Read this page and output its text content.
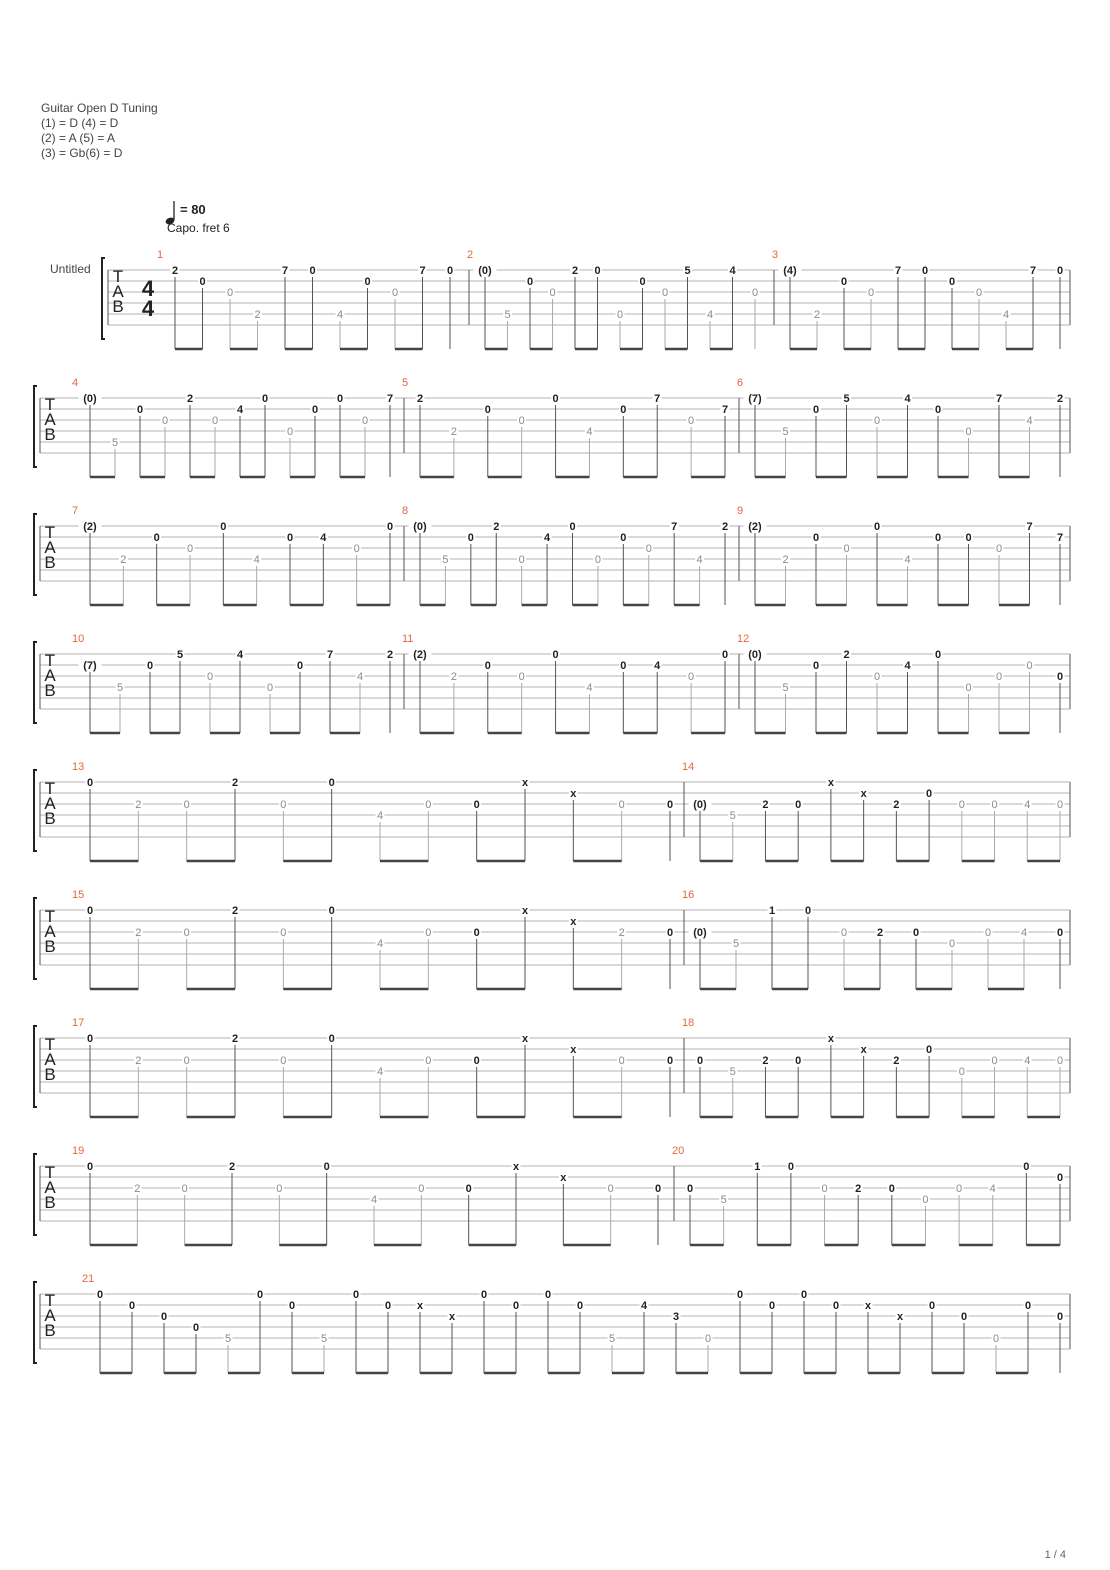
Guitar Open D Tuning
(1) = D (4) = D
(2) = A (5) = A
(3) = Gb(6) = D
= 80
Capo. fret 6
Untitled T
A
B
4
4
1
2
0
0
2
7 0
4
0
0
7 0
2
(0)
5
0
0
2 0
0
0
0
5
4
4
0
3
(4)
2
0
0
7 0
0
0
4
7 0
T
A
B
4
(0)
5
0
0
2
0
4
0
0
0
0
0
7
5
2
2
0
0
0
4
0
7
0
7
6
(7)
5
0
5
0
4
0
0
7
4
2
T
A
B
7
(2)
2
0
0
0
4
0 4
0
0
8
(0)
5
0
2
0
4
0
0
0
0
7
4
2
9
(2)
2
0
0
0
4
0 0
0
7
7
T
A
B
10
(7)
5
0
5
0
4
0
0
7
4
2
11
(2)
2
0
0
0
4
0	4
0
0
12
(0)
5
0
2
0
4
0
0
0
0
0
T
A
B
13
0
2	0
2
0
0
4
0	0
x
x
0	0
14
(0)
5
2 0
x
x
2
0
0 0 4 0
T
A
B
15
0
2	0
2
0
0
4
0	0
x
x
2	0
16
(0)
5
1	0
0	2	0
0
0	4	0
T
A
B
17
0
2	0
2
0
0
4
0	0
x
x
0	0
18
0
5
2 0
x
x
2
0
0
0 4 0
T
A
B
19
0
2	0
2
0
0
4
0	0
x
x
0	0
20
0
5
1	0
0	2	0
0
0	4
0
0
T
A
B
21
0
0
0
0
5
0
0
5
0
0 x
x
0
0
0
0
5
4
3
0
0
0
0
0 x
x
0
0
0
0
0
1 / 4
